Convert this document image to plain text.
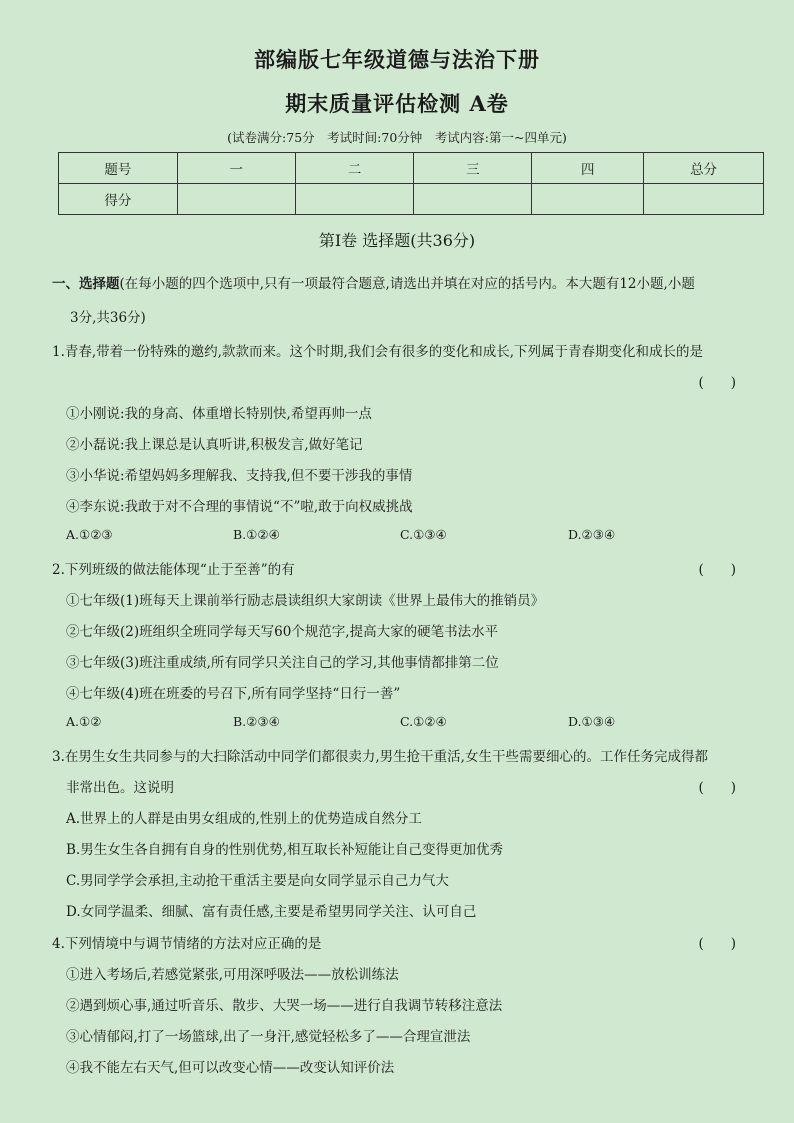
部编版七年级道德与法治下册
期末质量评估检测 A卷
(试卷满分:75分　考试时间:70分钟　考试内容:第一~四单元)
题号	一	二	三	四	总分
得分					
第Ⅰ卷 选择题(共36分)
一、选择题(在每小题的四个选项中,只有一项最符合题意,请选出并填在对应的括号内。本大题有12小题,小题
3分,共36分)
1.青春,带着一份特殊的邀约,款款而来。这个时期,我们会有很多的变化和成长,下列属于青春期变化和成长的是
(　　)
①小刚说:我的身高、体重增长特别快,希望再帅一点
②小磊说:我上课总是认真听讲,积极发言,做好笔记
③小华说:希望妈妈多理解我、支持我,但不要干涉我的事情
④李东说:我敢于对不合理的事情说“不”啦,敢于向权威挑战
A.①②③	B.①②④	C.①③④	D.②③④
2.下列班级的做法能体现“止于至善”的有	(　　)
①七年级(1)班每天上课前举行励志晨读组织大家朗读《世界上最伟大的推销员》
②七年级(2)班组织全班同学每天写60个规范字,提高大家的硬笔书法水平
③七年级(3)班注重成绩,所有同学只关注自己的学习,其他事情都排第二位
④七年级(4)班在班委的号召下,所有同学坚持“日行一善”
A.①②	B.②③④	C.①②④	D.①③④
3.在男生女生共同参与的大扫除活动中同学们都很卖力,男生抢干重活,女生干些需要细心的。工作任务完成得都
非常出色。这说明	(　　)
A.世界上的人群是由男女组成的,性别上的优势造成自然分工
B.男生女生各自拥有自身的性别优势,相互取长补短能让自己变得更加优秀
C.男同学学会承担,主动抢干重活主要是向女同学显示自己力气大
D.女同学温柔、细腻、富有责任感,主要是希望男同学关注、认可自己
4.下列情境中与调节情绪的方法对应正确的是	(　　)
①进入考场后,若感觉紧张,可用深呼吸法——放松训练法
②遇到烦心事,通过听音乐、散步、大哭一场——进行自我调节转移注意法
③心情郁闷,打了一场篮球,出了一身汗,感觉轻松多了——合理宣泄法
④我不能左右天气,但可以改变心情——改变认知评价法
